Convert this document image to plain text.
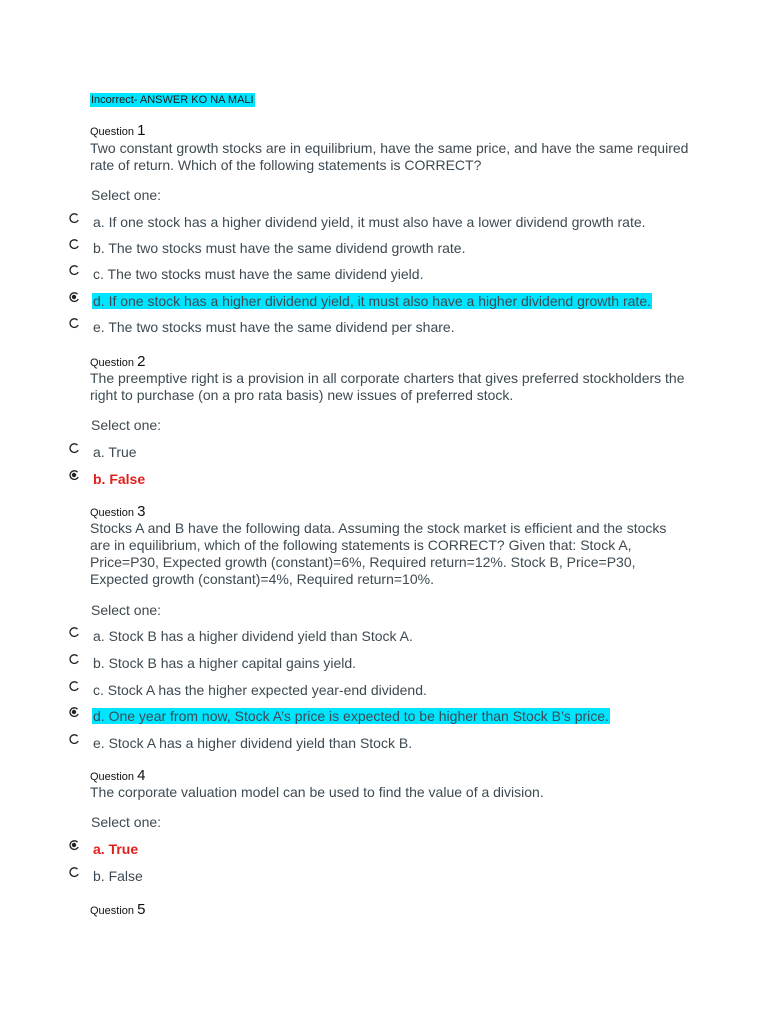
Incorrect- ANSWER KO NA MALI
Question 1
Two constant growth stocks are in equilibrium, have the same price, and have the same required rate of return. Which of the following statements is CORRECT?
Select one:
a. If one stock has a higher dividend yield, it must also have a lower dividend growth rate.
b. The two stocks must have the same dividend growth rate.
c. The two stocks must have the same dividend yield.
d. If one stock has a higher dividend yield, it must also have a higher dividend growth rate.
e. The two stocks must have the same dividend per share.
Question 2
The preemptive right is a provision in all corporate charters that gives preferred stockholders the right to purchase (on a pro rata basis) new issues of preferred stock.
Select one:
a. True
b. False
Question 3
Stocks A and B have the following data. Assuming the stock market is efficient and the stocks are in equilibrium, which of the following statements is CORRECT? Given that: Stock A, Price=P30, Expected growth (constant)=6%, Required return=12%. Stock B, Price=P30, Expected growth (constant)=4%, Required return=10%.
Select one:
a. Stock B has a higher dividend yield than Stock A.
b. Stock B has a higher capital gains yield.
c. Stock A has the higher expected year-end dividend.
d. One year from now, Stock A’s price is expected to be higher than Stock B’s price.
e. Stock A has a higher dividend yield than Stock B.
Question 4
The corporate valuation model can be used to find the value of a division.
Select one:
a. True
b. False
Question 5
